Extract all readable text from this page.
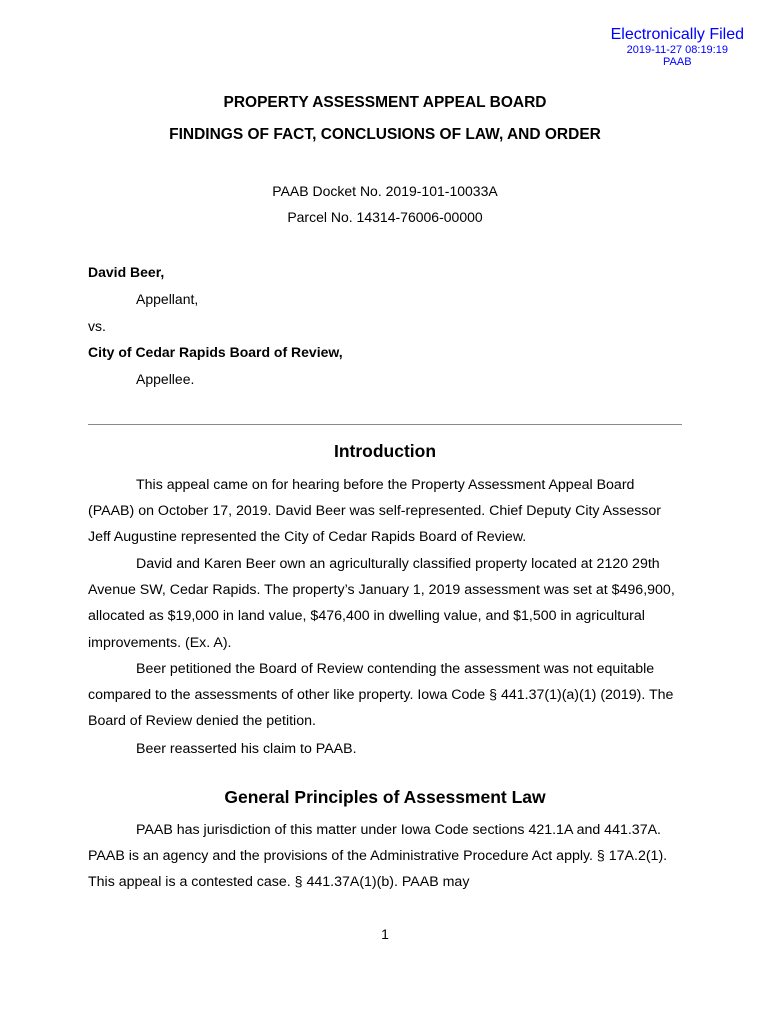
Electronically Filed
2019-11-27 08:19:19
PAAB
PROPERTY ASSESSMENT APPEAL BOARD
FINDINGS OF FACT, CONCLUSIONS OF LAW, AND ORDER
PAAB Docket No. 2019-101-10033A
Parcel No. 14314-76006-00000
David Beer,
Appellant,
vs.
City of Cedar Rapids Board of Review,
Appellee.
Introduction

This appeal came on for hearing before the Property Assessment Appeal Board (PAAB) on October 17, 2019. David Beer was self-represented. Chief Deputy City Assessor Jeff Augustine represented the City of Cedar Rapids Board of Review.

David and Karen Beer own an agriculturally classified property located at 2120 29th Avenue SW, Cedar Rapids. The property’s January 1, 2019 assessment was set at $496,900, allocated as $19,000 in land value, $476,400 in dwelling value, and $1,500 in agricultural improvements. (Ex. A).

Beer petitioned the Board of Review contending the assessment was not equitable compared to the assessments of other like property. Iowa Code § 441.37(1)(a)(1) (2019). The Board of Review denied the petition.

Beer reasserted his claim to PAAB.

General Principles of Assessment Law

PAAB has jurisdiction of this matter under Iowa Code sections 421.1A and 441.37A. PAAB is an agency and the provisions of the Administrative Procedure Act apply. § 17A.2(1). This appeal is a contested case. § 441.37A(1)(b). PAAB may

1
